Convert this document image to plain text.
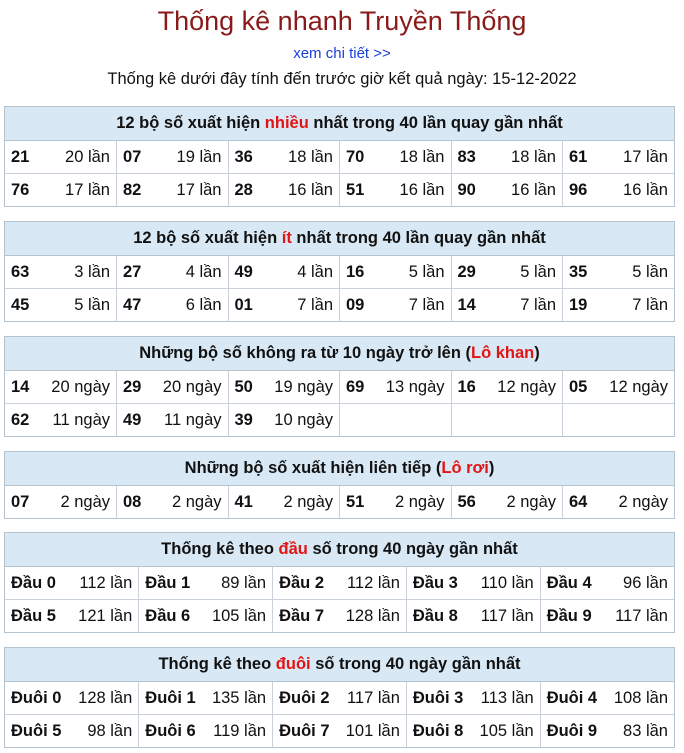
Thống kê nhanh Truyền Thống
xem chi tiết >>
Thống kê dưới đây tính đến trước giờ kết quả ngày: 15-12-2022
12 bộ số xuất hiện nhiều nhất trong 40 lần quay gần nhất
21 20 lần	07 19 lần	36 18 lần	70 18 lần	83 18 lần	61 17 lần

76 17 lần	82 17 lần	28 16 lần	51 16 lần	90 16 lần	96 16 lần
12 bộ số xuất hiện ít nhất trong 40 lần quay gần nhất
63 3 lần	27 4 lần	49 4 lần	16 5 lần	29 5 lần	35 5 lần

45 5 lần	47 6 lần	01 7 lần	09 7 lần	14 7 lần	19 7 lần
Những bộ số không ra từ 10 ngày trở lên (Lô khan)
14 20 ngày	29 20 ngày	50 19 ngày	69 13 ngày	16 12 ngày	05 12 ngày

62 11 ngày	49 11 ngày	39 10 ngày			

Những bộ số xuất hiện liên tiếp (Lô rơi)
07 2 ngày	08 2 ngày	41 2 ngày	51 2 ngày	56 2 ngày	64 2 ngày
Thống kê theo đầu số trong 40 ngày gần nhất
Đầu 0 112 lần	Đầu 1 89 lần	Đầu 2 112 lần	Đầu 3 110 lần	Đầu 4 96 lần

Đầu 5 121 lần	Đầu 6 105 lần	Đầu 7 128 lần	Đầu 8 117 lần	Đầu 9 117 lần
Thống kê theo đuôi số trong 40 ngày gần nhất
Đuôi 0 128 lần	Đuôi 1 135 lần	Đuôi 2 117 lần	Đuôi 3 113 lần	Đuôi 4 108 lần

Đuôi 5 98 lần	Đuôi 6 119 lần	Đuôi 7 101 lần	Đuôi 8 105 lần	Đuôi 9 83 lần
